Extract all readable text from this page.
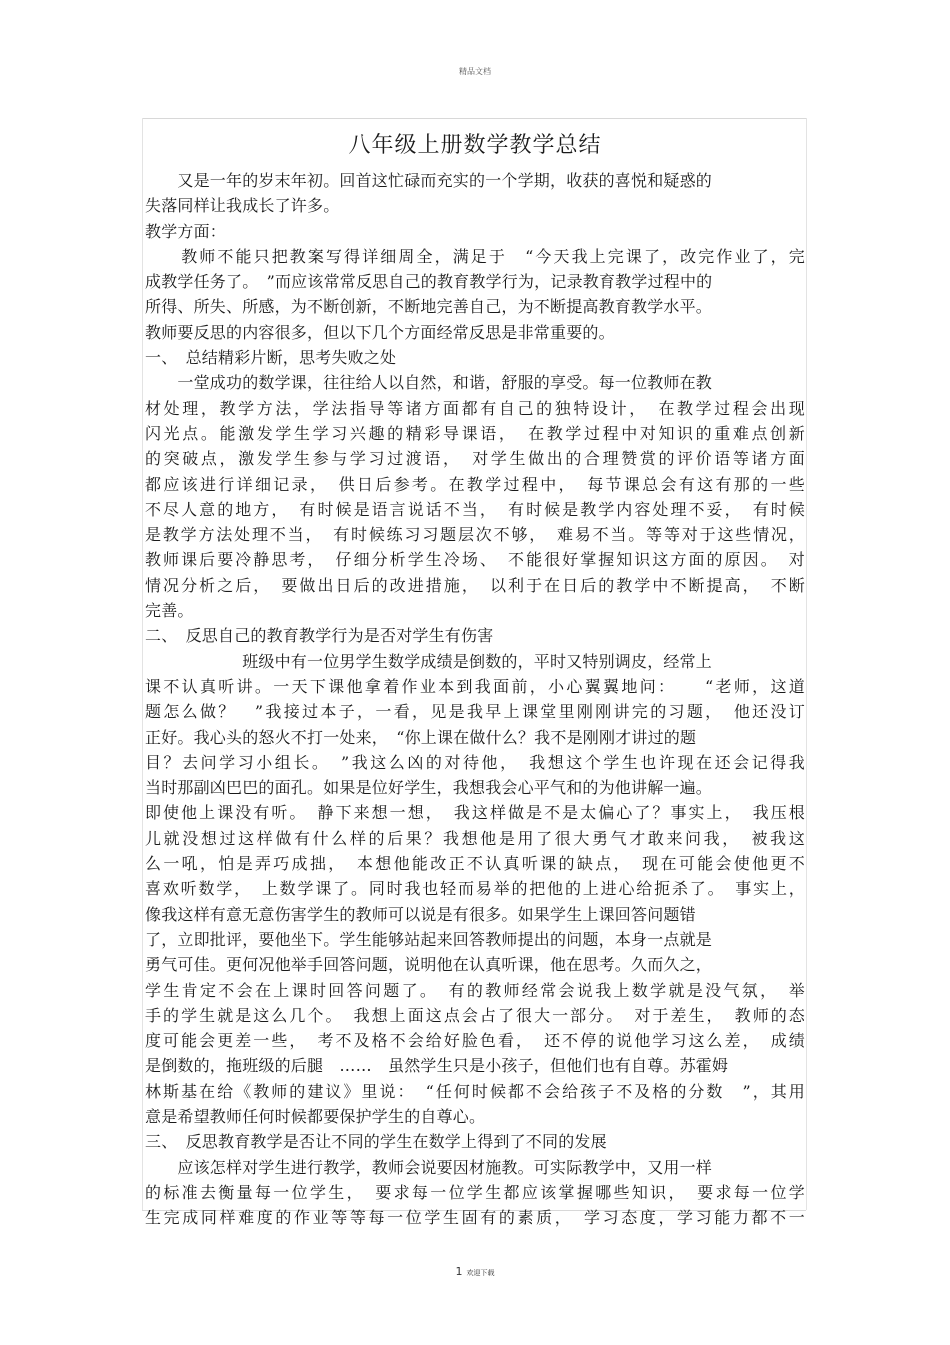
精品文档
八年级上册数学教学总结
　　又是一年的岁末年初。回首这忙碌而充实的一个学期，收获的喜悦和疑惑的
失落同样让我成长了许多。
教学方面：
　　教师不能只把教案写得详细周全，满足于　“今天我上完课了，改完作业了，完
成教学任务了。　”而应该常常反思自己的教育教学行为，记录教育教学过程中的
所得、所失、所感，为不断创新，不断地完善自己，为不断提高教育教学水平。
教师要反思的内容很多，但以下几个方面经常反思是非常重要的。
一、　总结精彩片断，思考失败之处
　　一堂成功的数学课，往往给人以自然，和谐，舒服的享受。每一位教师在教
材处理，教学方法，学法指导等诸方面都有自己的独特设计，　在教学过程会出现
闪光点。能激发学生学习兴趣的精彩导课语，　在教学过程中对知识的重难点创新
的突破点，激发学生参与学习过渡语，　对学生做出的合理赞赏的评价语等诸方面
都应该进行详细记录，　供日后参考。在教学过程中，　每节课总会有这有那的一些
不尽人意的地方，　有时候是语言说话不当，　有时候是教学内容处理不妥，　有时候
是教学方法处理不当，　有时候练习习题层次不够，　难易不当。等等对于这些情况，
教师课后要冷静思考，　仔细分析学生冷场、　不能很好掌握知识这方面的原因。　对
情况分析之后，　要做出日后的改进措施，　以利于在日后的教学中不断提高，　不断
完善。
二、　反思自己的教育教学行为是否对学生有伤害
　　　　　　班级中有一位男学生数学成绩是倒数的，平时又特别调皮，经常上
课不认真听讲。一天下课他拿着作业本到我面前，小心翼翼地问：　　“老师，这道
题怎么做？　”我接过本子，一看，见是我早上课堂里刚刚讲完的习题，　他还没订
正好。我心头的怒火不打一处来，　“你上课在做什么？我不是刚刚才讲过的题
目？去问学习小组长。　”我这么凶的对待他，　我想这个学生也许现在还会记得我
当时那副凶巴巴的面孔。如果是位好学生，我想我会心平气和的为他讲解一遍。
即使他上课没有听。　静下来想一想，　我这样做是不是太偏心了？事实上，　我压根
儿就没想过这样做有什么样的后果？我想他是用了很大勇气才敢来问我，　被我这
么一吼，怕是弄巧成拙，　本想他能改正不认真听课的缺点，　现在可能会使他更不
喜欢听数学，　上数学课了。同时我也轻而易举的把他的上进心给扼杀了。　事实上，
像我这样有意无意伤害学生的教师可以说是有很多。如果学生上课回答问题错
了，立即批评，要他坐下。学生能够站起来回答教师提出的问题，本身一点就是
勇气可佳。更何况他举手回答问题，说明他在认真听课，他在思考。久而久之，
学生肯定不会在上课时回答问题了。　有的教师经常会说我上数学就是没气氛，　举
手的学生就是这么几个。　我想上面这点会占了很大一部分。　对于差生，　教师的态
度可能会更差一些，　考不及格不会给好脸色看，　还不停的说他学习这么差，　成绩
是倒数的，拖班级的后腿　……　虽然学生只是小孩子，但他们也有自尊。苏霍姆
林斯基在给《教师的建议》里说：　“任何时候都不会给孩子不及格的分数　”，其用
意是希望教师任何时候都要保护学生的自尊心。
三、　反思教育教学是否让不同的学生在数学上得到了不同的发展
　　应该怎样对学生进行教学，教师会说要因材施教。可实际教学中，又用一样
的标准去衡量每一位学生，　要求每一位学生都应该掌握哪些知识，　要求每一位学
生完成同样难度的作业等等每一位学生固有的素质，　学习态度，学习能力都不一
1 欢迎下载
